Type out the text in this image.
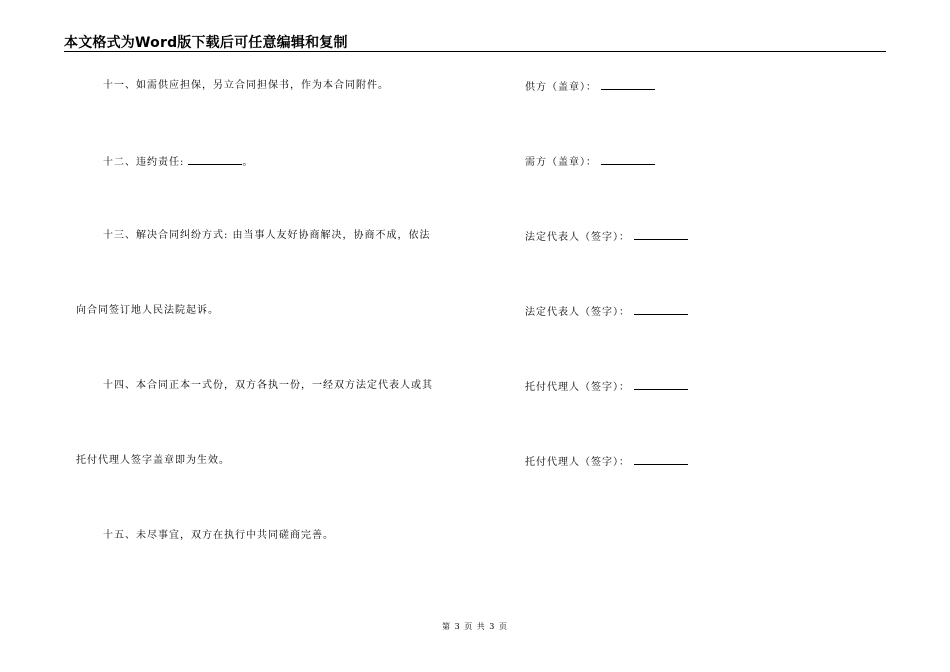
本文格式为Word版下载后可任意编辑和复制
十一、如需供应担保，另立合同担保书，作为本合同附件。
十二、违约责任:	。
十三、解决合同纠纷方式: 由当事人友好协商解决，协商不成，依法
向合同签订地人民法院起诉。
十四、本合同正本一式份，双方各执一份，一经双方法定代表人或其
托付代理人签字盖章即为生效。
十五、未尽事宜，双方在执行中共同磋商完善。
供方（盖章）：
需方（盖章）：
法定代表人（签字）：
法定代表人（签字）：
托付代理人（签字）：
托付代理人（签字）：
第 3 页 共 3 页
